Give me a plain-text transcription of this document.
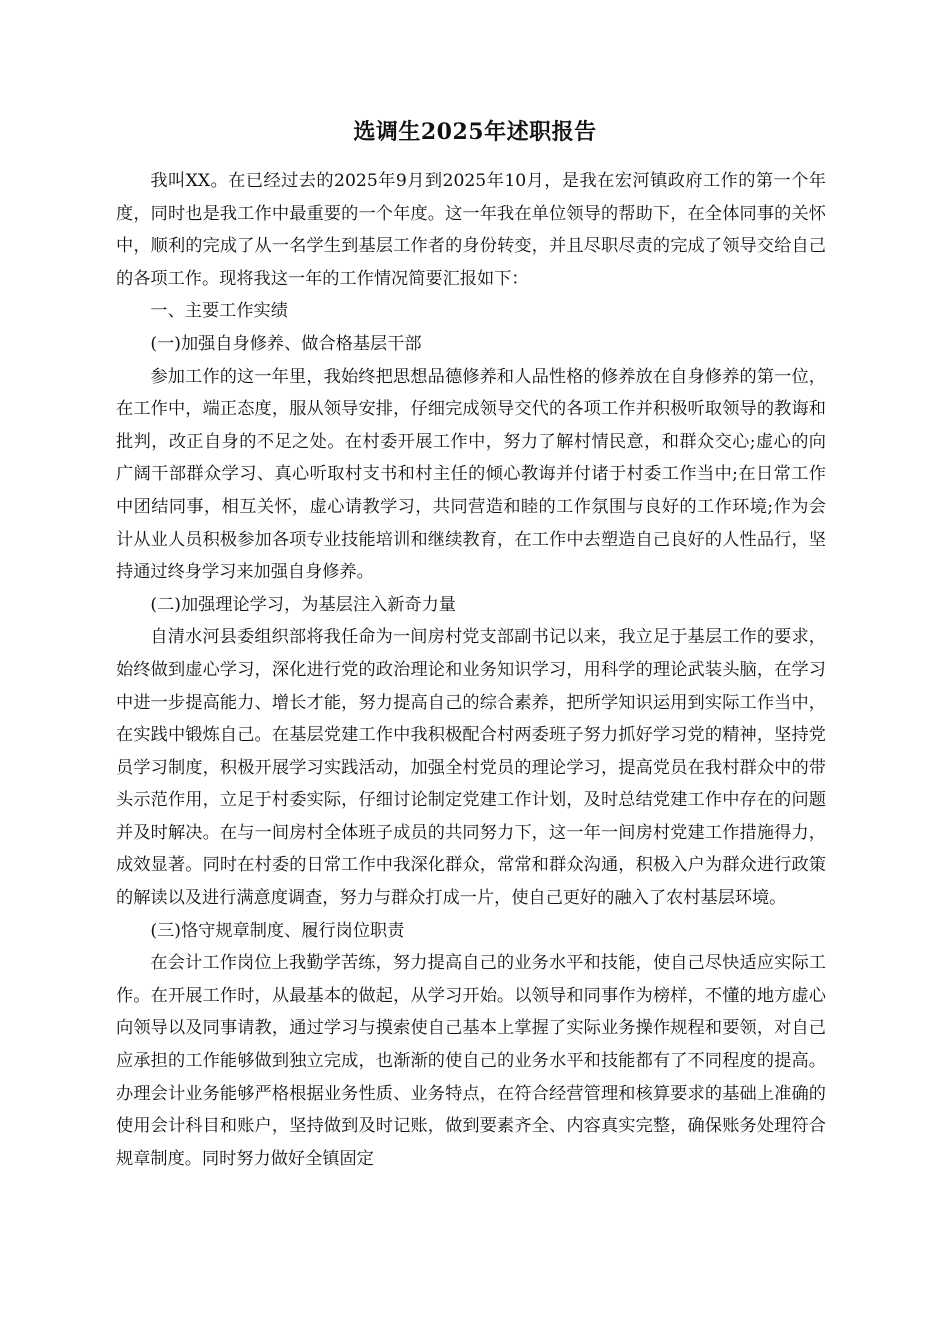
选调生2025年述职报告

我叫XX。在已经过去的2025年9月到2025年10月，是我在宏河镇政府工作的第一个年度，同时也是我工作中最重要的一个年度。这一年我在单位领导的帮助下，在全体同事的关怀中，顺利的完成了从一名学生到基层工作者的身份转变，并且尽职尽责的完成了领导交给自己的各项工作。现将我这一年的工作情况简要汇报如下：

一、主要工作实绩

(一)加强自身修养、做合格基层干部

参加工作的这一年里，我始终把思想品德修养和人品性格的修养放在自身修养的第一位，在工作中，端正态度，服从领导安排，仔细完成领导交代的各项工作并积极听取领导的教诲和批判，改正自身的不足之处。在村委开展工作中，努力了解村情民意，和群众交心;虚心的向广阔干部群众学习、真心听取村支书和村主任的倾心教诲并付诸于村委工作当中;在日常工作中团结同事，相互关怀，虚心请教学习，共同营造和睦的工作氛围与良好的工作环境;作为会计从业人员积极参加各项专业技能培训和继续教育，在工作中去塑造自己良好的人性品行，坚持通过终身学习来加强自身修养。

(二)加强理论学习，为基层注入新奇力量

自清水河县委组织部将我任命为一间房村党支部副书记以来，我立足于基层工作的要求，始终做到虚心学习，深化进行党的政治理论和业务知识学习，用科学的理论武装头脑，在学习中进一步提高能力、增长才能，努力提高自己的综合素养，把所学知识运用到实际工作当中，在实践中锻炼自己。在基层党建工作中我积极配合村两委班子努力抓好学习党的精神，坚持党员学习制度，积极开展学习实践活动，加强全村党员的理论学习，提高党员在我村群众中的带头示范作用，立足于村委实际，仔细讨论制定党建工作计划，及时总结党建工作中存在的问题并及时解决。在与一间房村全体班子成员的共同努力下，这一年一间房村党建工作措施得力，成效显著。同时在村委的日常工作中我深化群众，常常和群众沟通，积极入户为群众进行政策的解读以及进行满意度调查，努力与群众打成一片，使自己更好的融入了农村基层环境。

(三)恪守规章制度、履行岗位职责

在会计工作岗位上我勤学苦练，努力提高自己的业务水平和技能，使自己尽快适应实际工作。在开展工作时，从最基本的做起，从学习开始。以领导和同事作为榜样，不懂的地方虚心向领导以及同事请教，通过学习与摸索使自己基本上掌握了实际业务操作规程和要领，对自己应承担的工作能够做到独立完成，也渐渐的使自己的业务水平和技能都有了不同程度的提高。办理会计业务能够严格根据业务性质、业务特点，在符合经营管理和核算要求的基础上准确的使用会计科目和账户，坚持做到及时记账，做到要素齐全、内容真实完整，确保账务处理符合规章制度。同时努力做好全镇固定
